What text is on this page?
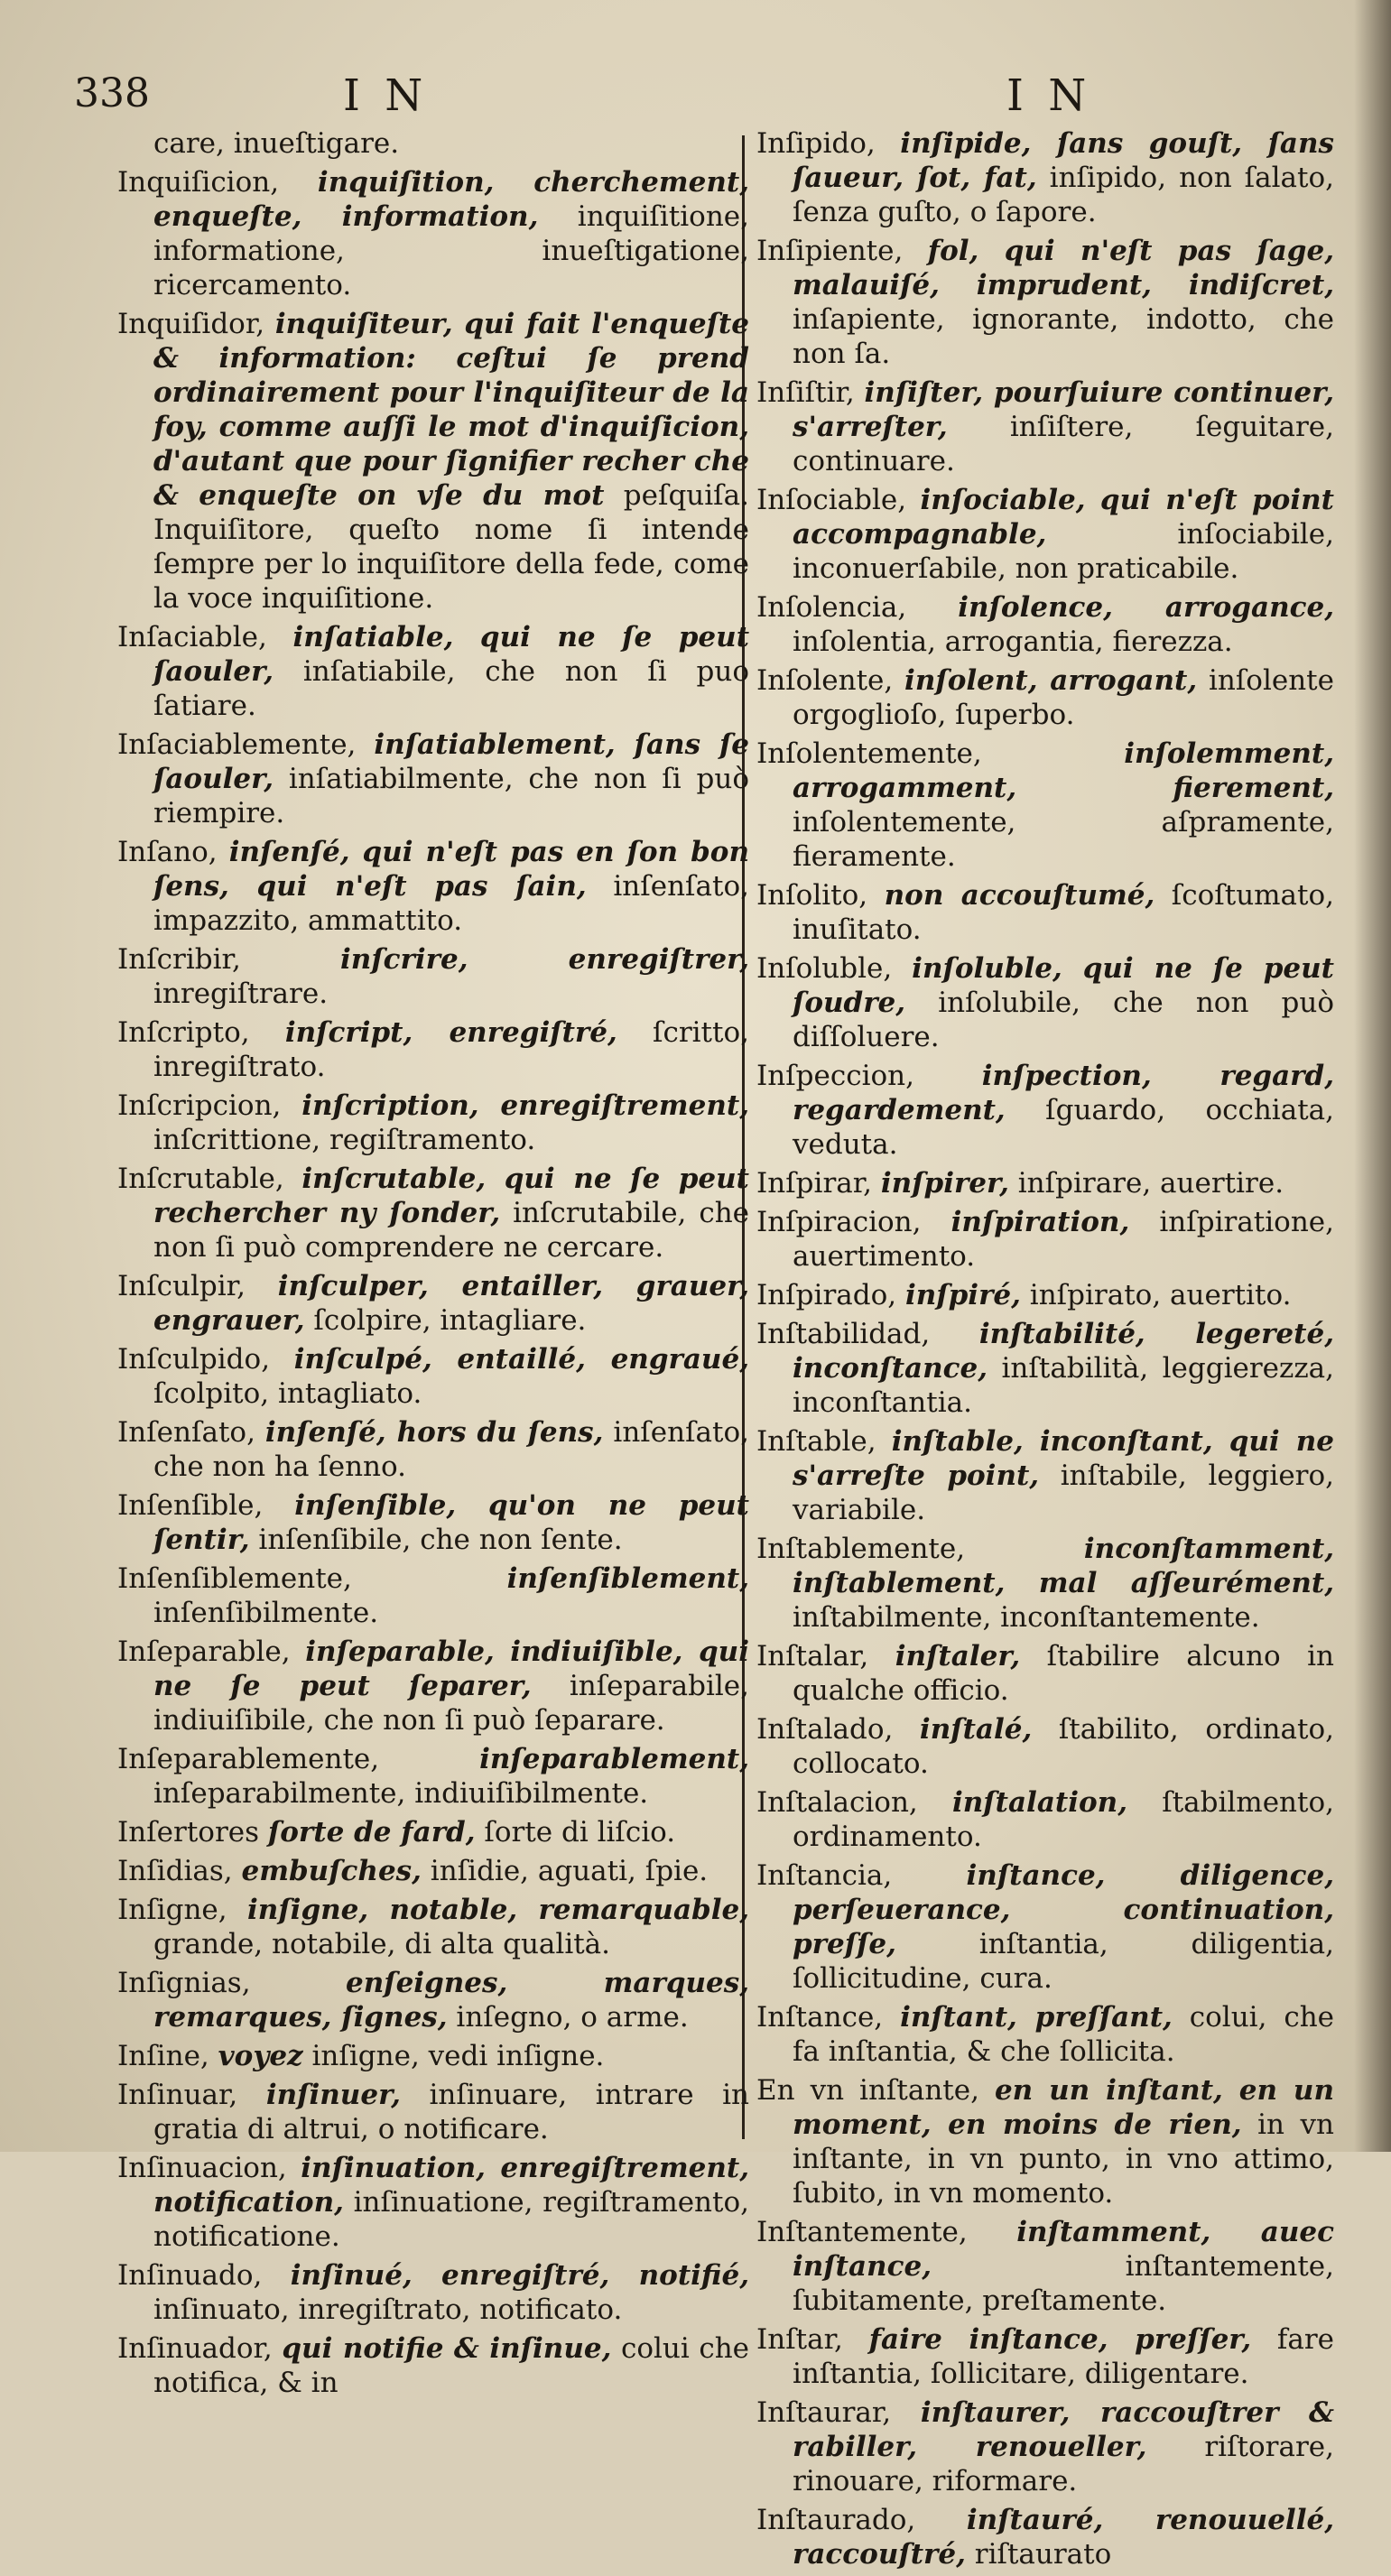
338	I N	I N

care, inueſtigare.

Inquiſicion, inquiſition, cherchement, enqueſte, information, inquiſitione, informatione, inueſtigatione, ricercamento.

Inquiſidor, inquiſiteur, qui fait l'enqueſte & information: ceſtui ſe prend ordinairement pour l'inquiſiteur de la foy, comme auſſi le mot d'inquiſicion, d'autant que pour ſignifier recher che & enqueſte on vſe du mot peſquiſa. Inquiſitore, queſto nome ſi intende ſempre per lo inquiſitore della fede, come la voce inquiſitione.

Inſaciable, inſatiable, qui ne ſe peut ſaouler, inſatiabile, che non ſi puo ſatiare.

Inſaciablemente, inſatiablement, ſans ſe ſaouler, inſatiabilmente, che non ſi può riempire.

Inſano, inſenſé, qui n'eſt pas en ſon bon ſens, qui n'eſt pas ſain, inſenſato, impazzito, ammattito.

Inſcribir,	inſcrire, enregiſtrer, inregiſtrare.

Inſcripto, inſcript, enregiſtré, ſcritto, inregiſtrato.

Inſcripcion, inſcription, enregiſtrement, inſcrittione, regiſtramento.

Inſcrutable, inſcrutable, qui ne ſe peut rechercher ny ſonder, inſcrutabile, che non ſi può comprendere ne cercare.

Inſculpir, inſculper, entailler, grauer, engrauer, ſcolpire, intagliare.

Inſculpido, inſculpé, entaillé, engraué, ſcolpito, intagliato.

Inſenſato, inſenſé, hors du ſens, inſenſato, che non ha ſenno.

Inſenſible, inſenſible, qu'on ne peut ſentir, inſenſibile, che non ſente.

Inſenſiblemente,	inſenſiblement, inſenſibilmente.

Inſeparable, inſeparable, indiuiſible, qui ne ſe peut ſeparer, inſeparabile, indiuiſibile, che non ſi può ſeparare.

Inſeparablemente,	inſeparablement, inſeparabilmente, indiuiſibilmente.

Inſertores ſorte de fard, ſorte di liſcio.

Inſidias, embuſches, inſidie, aguati, ſpie.

Inſigne, inſigne, notable, remarquable, grande, notabile, di alta qualità.

Inſignias,	enſeignes, marques, remarques, ſignes, inſegno, o arme.

Inſine, voyez inſigne, vedi inſigne.

Inſinuar, inſinuer, inſinuare, intrare in gratia di altrui, o notificare.

Inſinuacion, inſinuation, enregiſtrement, notification, inſinuatione, regiſtramento, notificatione.

Inſinuado, inſinué, enregiſtré, notifié, inſinuato, inregiſtrato, notificato.

Inſinuador, qui notifie & inſinue, colui che notifica, & in

Inſipido, inſipide, ſans gouſt, ſans ſaueur, ſot, fat, inſipido, non ſalato, ſenza guſto, o ſapore.

Inſipiente, fol, qui n'eſt pas ſage, malauiſé, imprudent, indiſcret, inſapiente, ignorante, indotto, che non ſa.

Inſiſtir, inſiſter, pourſuiure continuer, s'arreſter, inſiſtere, ſeguitare, continuare.

Inſociable, inſociable, qui n'eſt point accompagnable,	inſociabile, inconuerſabile, non praticabile.

Inſolencia, inſolence, arrogance, inſolentia, arrogantia, fierezza.

Inſolente, inſolent, arrogant, inſolente orgoglioſo, ſuperbo.

Inſolentemente,	inſolemment, arrogamment, fierement, inſolentemente, aſpramente, fieramente.

Inſolito, non accouſtumé, ſcoſtumato, inuſitato.

Inſoluble, inſoluble, qui ne ſe peut ſoudre, inſolubile, che non può diſſoluere.

Inſpeccion, inſpection, regard, regardement, ſguardo, occhiata, veduta.

Inſpirar, inſpirer, inſpirare, auertire.

Inſpiracion, inſpiration, inſpiratione, auertimento.

Inſpirado, inſpiré, inſpirato, auertito.

Inſtabilidad, inſtabilité, legereté, inconſtance, inſtabilità, leggierezza, inconſtantia.

Inſtable, inſtable, inconſtant, qui ne s'arreſte point, inſtabile, leggiero, variabile.

Inſtablemente,	inconſtamment, inſtablement, mal aſſeurément, inſtabilmente, inconſtantemente.

Inſtalar, inſtaler, ſtabilire alcuno in qualche officio.

Inſtalado, inſtalé, ſtabilito, ordinato, collocato.

Inſtalacion, inſtalation, ſtabilmento, ordinamento.

Inſtancia,	inſtance, diligence, perſeuerance, continuation, preſſe,	inſtantia, diligentia, ſollicitudine, cura.

Inſtance, inſtant, preſſant, colui, che fa inſtantia, & che ſollicita.

En vn inſtante, en un inſtant, en un moment, en moins de rien, in vn inſtante, in vn punto, in vno attimo, ſubito, in vn momento.

Inſtantemente, inſtamment, auec inſtance,	inſtantemente, ſubitamente, preſtamente.

Inſtar, faire inſtance, preſſer, fare inſtantia, ſollicitare, diligentare.

Inſtaurar, inſtaurer, raccouſtrer & rabiller, renoueller, riſtorare, rinouare, riformare.

Inſtaurado, inſtauré, renouuellé, raccouſtré, riſtaurato
